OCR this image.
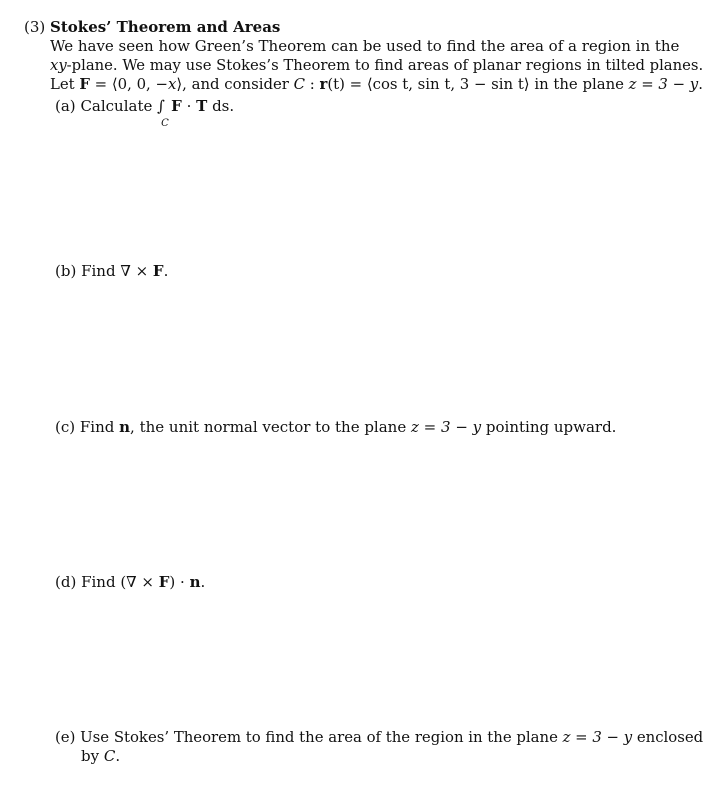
(3) Stokes’ Theorem and Areas
We have seen how Green’s Theorem can be used to find the area of a region in the
xy-plane. We may use Stokes’s Theorem to find areas of planar regions in tilted planes.
Let F = ⟨0, 0, −x⟩, and consider C : r(t) = ⟨cos t, sin t, 3 − sin t⟩ in the plane z = 3 − y.
(a) Calculate ∫
C
F · T ds.
(b) Find ∇ × F.
(c) Find n, the unit normal vector to the plane z = 3 − y pointing upward.
(d) Find (∇ × F) · n.
(e) Use Stokes’ Theorem to find the area of the region in the plane z = 3 − y enclosed
by C.
